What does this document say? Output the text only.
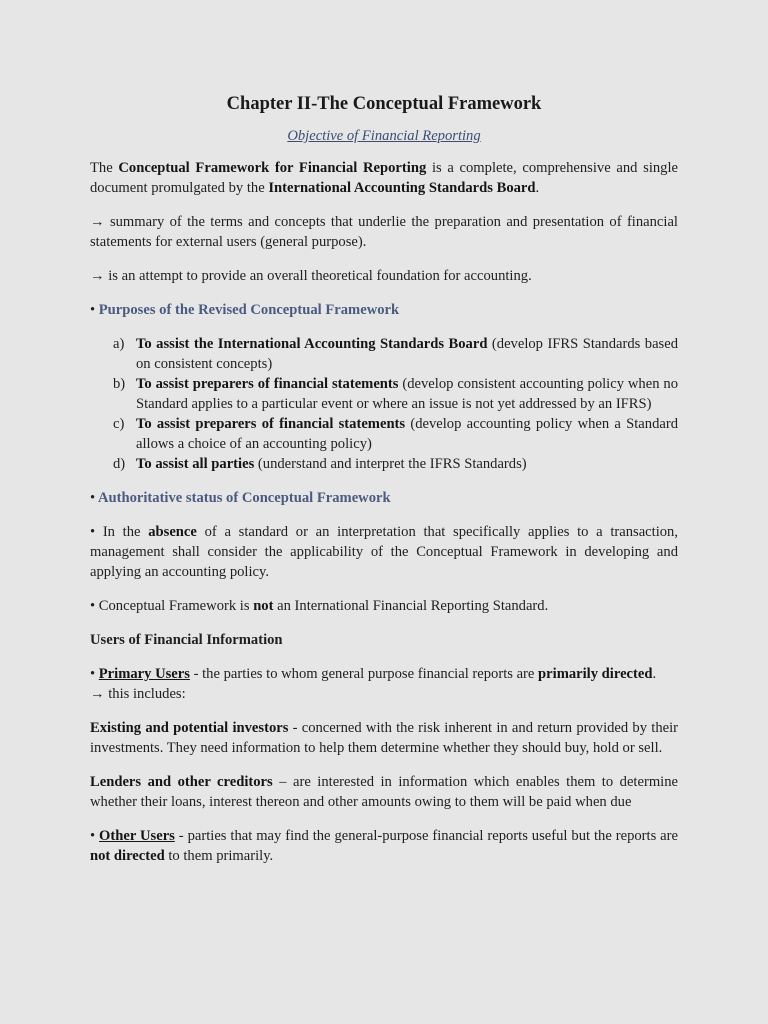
Chapter II-The Conceptual Framework
Objective of Financial Reporting

The Conceptual Framework for Financial Reporting is a complete, comprehensive and single document promulgated by the International Accounting Standards Board.

→ summary of the terms and concepts that underlie the preparation and presentation of financial statements for external users (general purpose).

→ is an attempt to provide an overall theoretical foundation for accounting.

• Purposes of the Revised Conceptual Framework
a) To assist the International Accounting Standards Board (develop IFRS Standards based on consistent concepts)
b) To assist preparers of financial statements (develop consistent accounting policy when no Standard applies to a particular event or where an issue is not yet addressed by an IFRS)
c) To assist preparers of financial statements (develop accounting policy when a Standard allows a choice of an accounting policy)
d) To assist all parties (understand and interpret the IFRS Standards)
• Authoritative status of Conceptual Framework

• In the absence of a standard or an interpretation that specifically applies to a transaction, management shall consider the applicability of the Conceptual Framework in developing and applying an accounting policy.

• Conceptual Framework is not an International Financial Reporting Standard.

Users of Financial Information

• Primary Users - the parties to whom general purpose financial reports are primarily directed.
→ this includes:

Existing and potential investors - concerned with the risk inherent in and return provided by their investments. They need information to help them determine whether they should buy, hold or sell.

Lenders and other creditors – are interested in information which enables them to determine whether their loans, interest thereon and other amounts owing to them will be paid when due

• Other Users - parties that may find the general-purpose financial reports useful but the reports are not directed to them primarily.
